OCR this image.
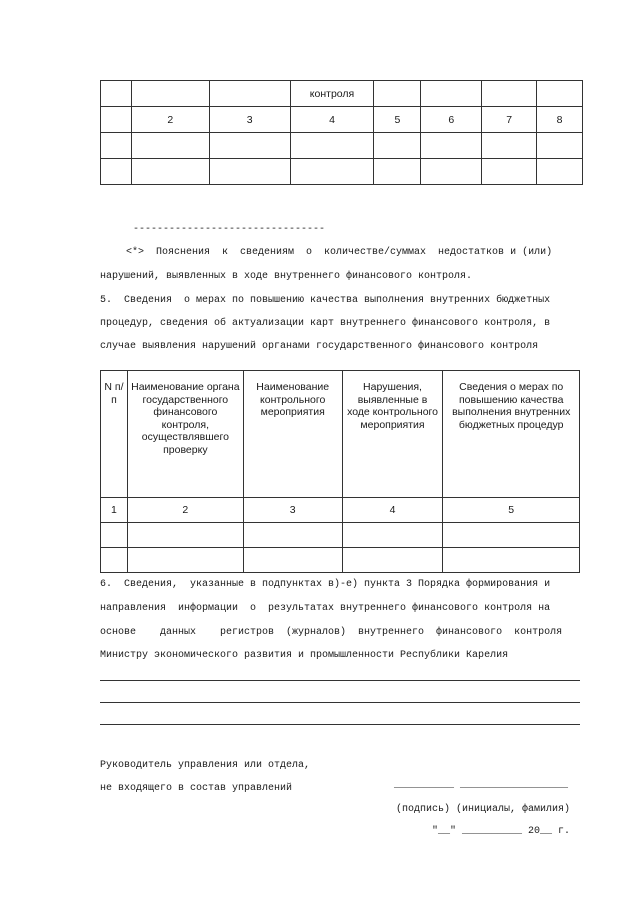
			контроля				
	2	3	4	5	6	7	8

--------------------------------
<*>  Пояснения  к  сведениям  о  количестве/суммах  недостатков и (или)
нарушений, выявленных в ходе внутреннего финансового контроля.
5.  Сведения  о мерах по повышению качества выполнения внутренних бюджетных
процедур, сведения об актуализации карт внутреннего финансового контроля, в
случае выявления нарушений органами государственного финансового контроля
N п/п	Наименование органа государственного финансового контроля, осуществлявшего проверку	Наименование контрольного мероприятия	Нарушения, выявленные в ходе контрольного мероприятия	Сведения о мерах по повышению качества выполнения внутренних бюджетных процедур
1	2	3	4	5

6.  Сведения,  указанные в подпунктах в)-е) пункта 3 Порядка формирования и
направления  информации  о  результатах внутреннего финансового контроля на
основе    данных    регистров  (журналов)  внутреннего  финансового  контроля
Министру экономического развития и промышленности Республики Карелия
Руководитель управления или отдела,
не входящего в состав управлений	__________ __________________
(подпись) (инициалы, фамилия)
"__" __________ 20__ г.
